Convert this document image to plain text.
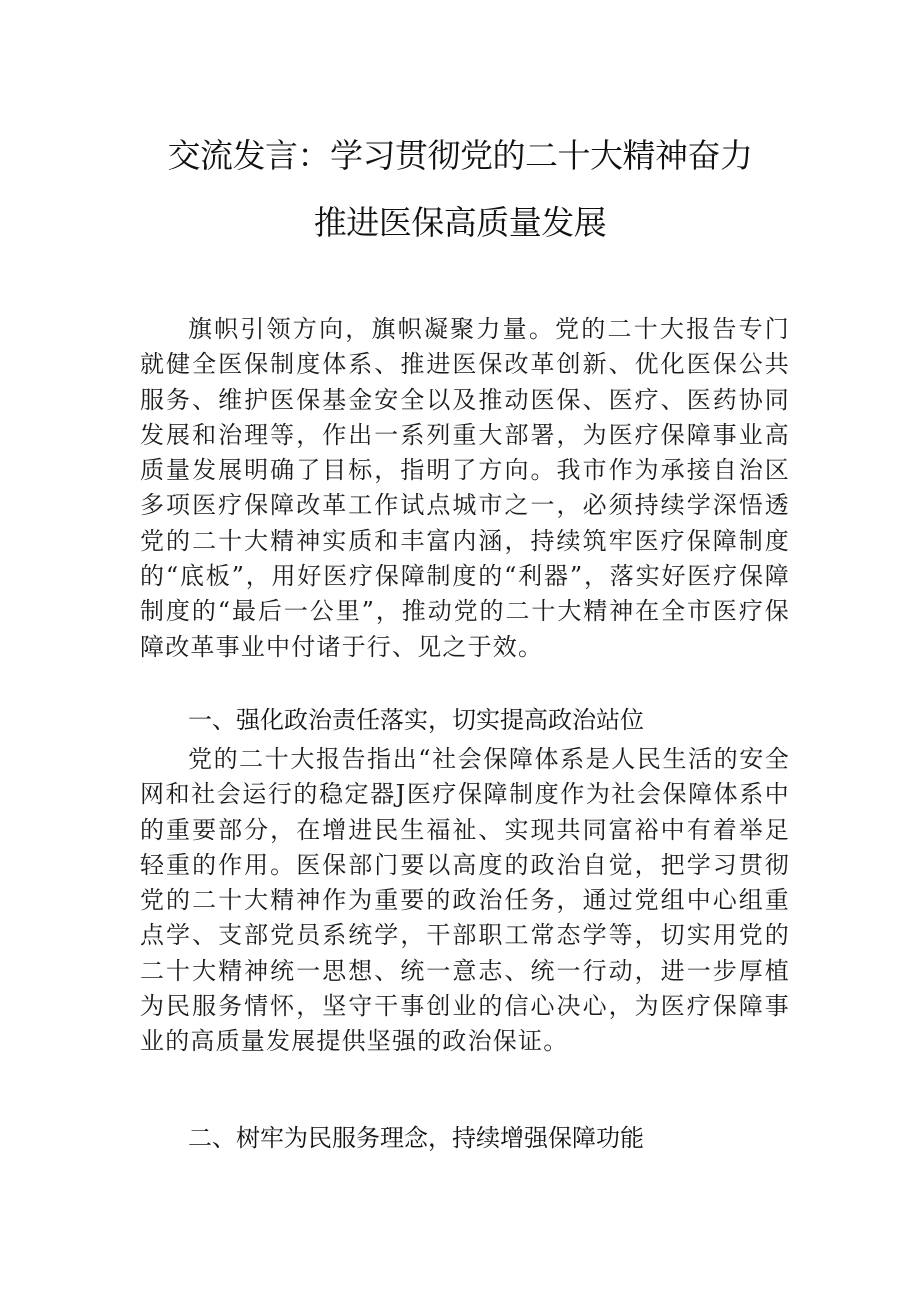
交流发言：学习贯彻党的二十大精神奋力
推进医保高质量发展

旗帜引领方向，旗帜凝聚力量。党的二十大报告专门就健全医保制度体系、推进医保改革创新、优化医保公共服务、维护医保基金安全以及推动医保、医疗、医药协同发展和治理等，作出一系列重大部署，为医疗保障事业高质量发展明确了目标，指明了方向。我市作为承接自治区多项医疗保障改革工作试点城市之一，必须持续学深悟透党的二十大精神实质和丰富内涵，持续筑牢医疗保障制度的“底板”，用好医疗保障制度的“利器”，落实好医疗保障制度的“最后一公里”，推动党的二十大精神在全市医疗保障改革事业中付诸于行、见之于效。

一、强化政治责任落实，切实提高政治站位

党的二十大报告指出“社会保障体系是人民生活的安全网和社会运行的稳定器J医疗保障制度作为社会保障体系中的重要部分，在增进民生福祉、实现共同富裕中有着举足轻重的作用。医保部门要以高度的政治自觉，把学习贯彻党的二十大精神作为重要的政治任务，通过党组中心组重点学、支部党员系统学，干部职工常态学等，切实用党的二十大精神统一思想、统一意志、统一行动，进一步厚植为民服务情怀，坚守干事创业的信心决心，为医疗保障事业的高质量发展提供坚强的政治保证。

二、树牢为民服务理念，持续增强保障功能
